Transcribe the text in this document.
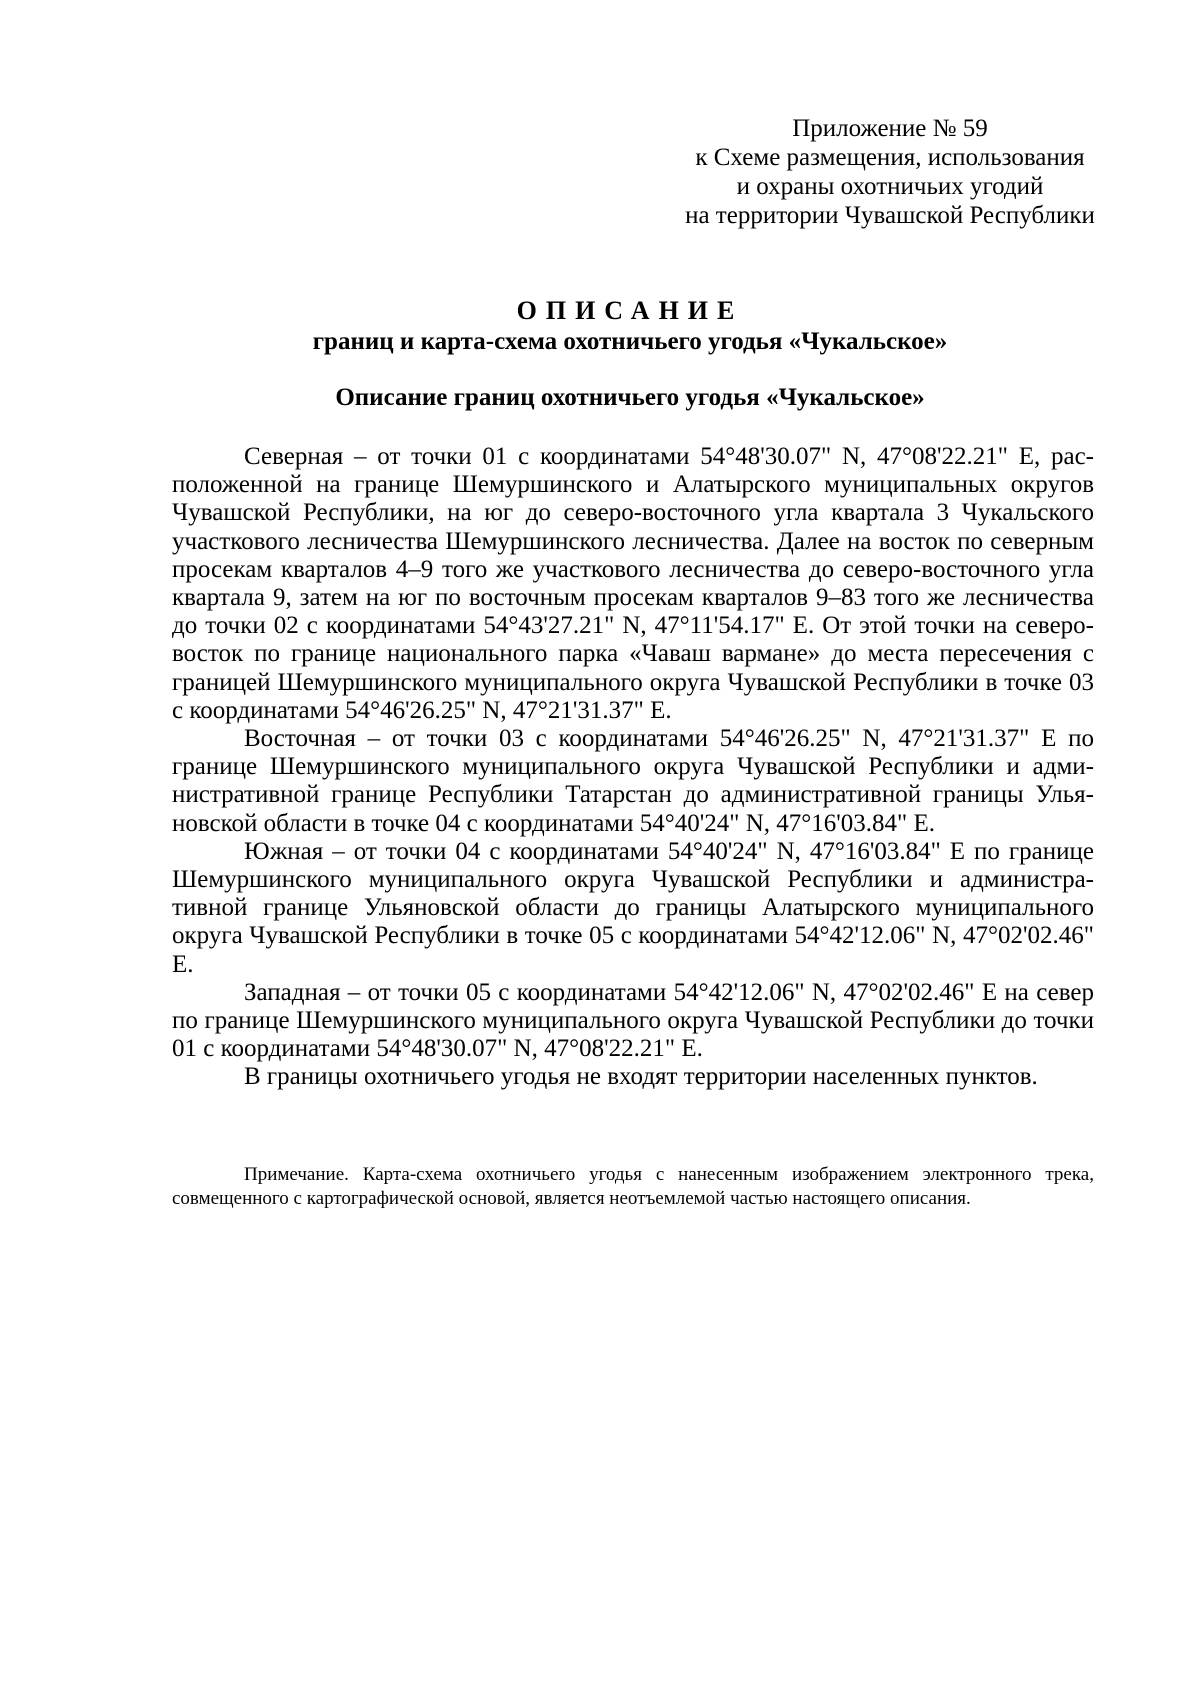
Приложение № 59
к Схеме размещения, использования
и охраны охотничьих угодий
на территории Чувашской Республики
ОПИСАНИЕ
границ и карта-схема охотничьего угодья «Чукальское»
Описание границ охотничьего угодья «Чукальское»

Северная – от точки 01 с координатами 54°48'30.07" N, 47°08'22.21" E, расположенной на границе Шемуршинского и Алатырского муниципальных округов Чувашской Республики, на юг до северо-восточного угла квартала 3 Чукальского участкового лесничества Шемуршинского лесничества. Далее на восток по северным просекам кварталов 4–9 того же участкового лесничества до северо-восточного угла квартала 9, затем на юг по восточным просекам кварталов 9–83 того же лесничества до точки 02 с координатами 54°43'27.21" N, 47°11'54.17" E. От этой точки на северо-восток по границе национального парка «Чаваш вармане» до места пересечения с границей Шемуршинского муниципального округа Чувашской Республики в точке 03 с координатами 54°46'26.25" N, 47°21'31.37" E.

Восточная – от точки 03 с координатами 54°46'26.25" N, 47°21'31.37" E по границе Шемуршинского муниципального округа Чувашской Республики и административной границе Республики Татарстан до административной границы Ульяновской области в точке 04 с координатами 54°40'24" N, 47°16'03.84" E.

Южная – от точки 04 с координатами 54°40'24" N, 47°16'03.84" E по границе Шемуршинского муниципального округа Чувашской Республики и административной границе Ульяновской области до границы Алатырского муниципального округа Чувашской Республики в точке 05 с координатами 54°42'12.06" N, 47°02'02.46" E.

Западная – от точки 05 с координатами 54°42'12.06" N, 47°02'02.46" E на север по границе Шемуршинского муниципального округа Чувашской Республики до точки 01 с координатами 54°48'30.07" N, 47°08'22.21" E.

В границы охотничьего угодья не входят территории населенных пунктов.

Примечание. Карта-схема охотничьего угодья с нанесенным изображением электронного трека, совмещенного с картографической основой, является неотъемлемой частью настоящего описания.
